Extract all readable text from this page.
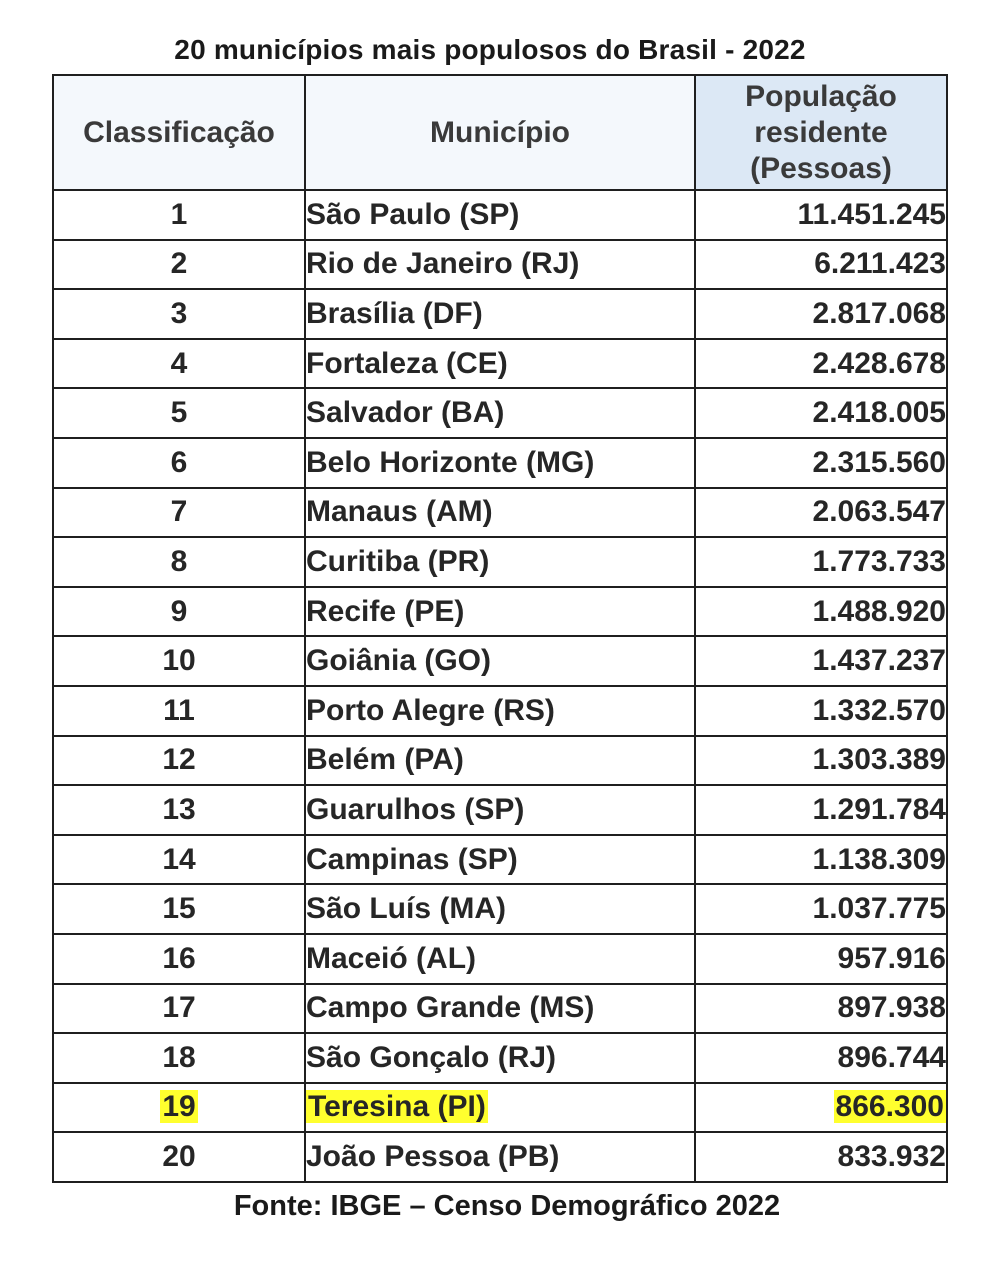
20 municípios mais populosos do Brasil - 2022
Classificação	Município	População residente (Pessoas)
1	São Paulo (SP)	11.451.245
2	Rio de Janeiro (RJ)	6.211.423
3	Brasília (DF)	2.817.068
4	Fortaleza (CE)	2.428.678
5	Salvador (BA)	2.418.005
6	Belo Horizonte (MG)	2.315.560
7	Manaus (AM)	2.063.547
8	Curitiba (PR)	1.773.733
9	Recife (PE)	1.488.920
10	Goiânia (GO)	1.437.237
11	Porto Alegre (RS)	1.332.570
12	Belém (PA)	1.303.389
13	Guarulhos (SP)	1.291.784
14	Campinas (SP)	1.138.309
15	São Luís (MA)	1.037.775
16	Maceió (AL)	957.916
17	Campo Grande (MS)	897.938
18	São Gonçalo (RJ)	896.744
19	Teresina (PI)	866.300
20	João Pessoa (PB)	833.932
Fonte: IBGE – Censo Demográfico 2022
